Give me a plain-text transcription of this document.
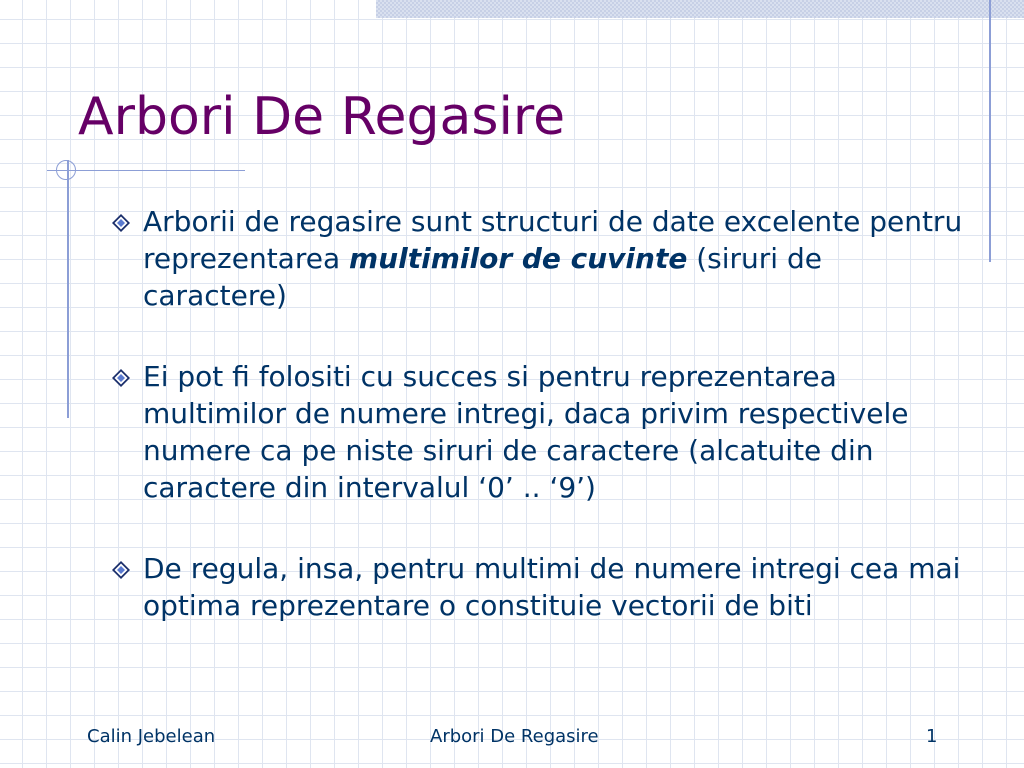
Arbori De Regasire
Arborii de regasire sunt structuri de date excelente pentru reprezentarea multimilor de cuvinte (siruri de caractere)
Ei pot fi folositi cu succes si pentru reprezentarea multimilor de numere intregi, daca privim respectivele numere ca pe niste siruri de caractere (alcatuite din caractere din intervalul ‘0’ .. ‘9’)
De regula, insa, pentru multimi de numere intregi cea mai optima reprezentare o constituie vectorii de biti
Calin Jebelean	Arbori De Regasire	1
